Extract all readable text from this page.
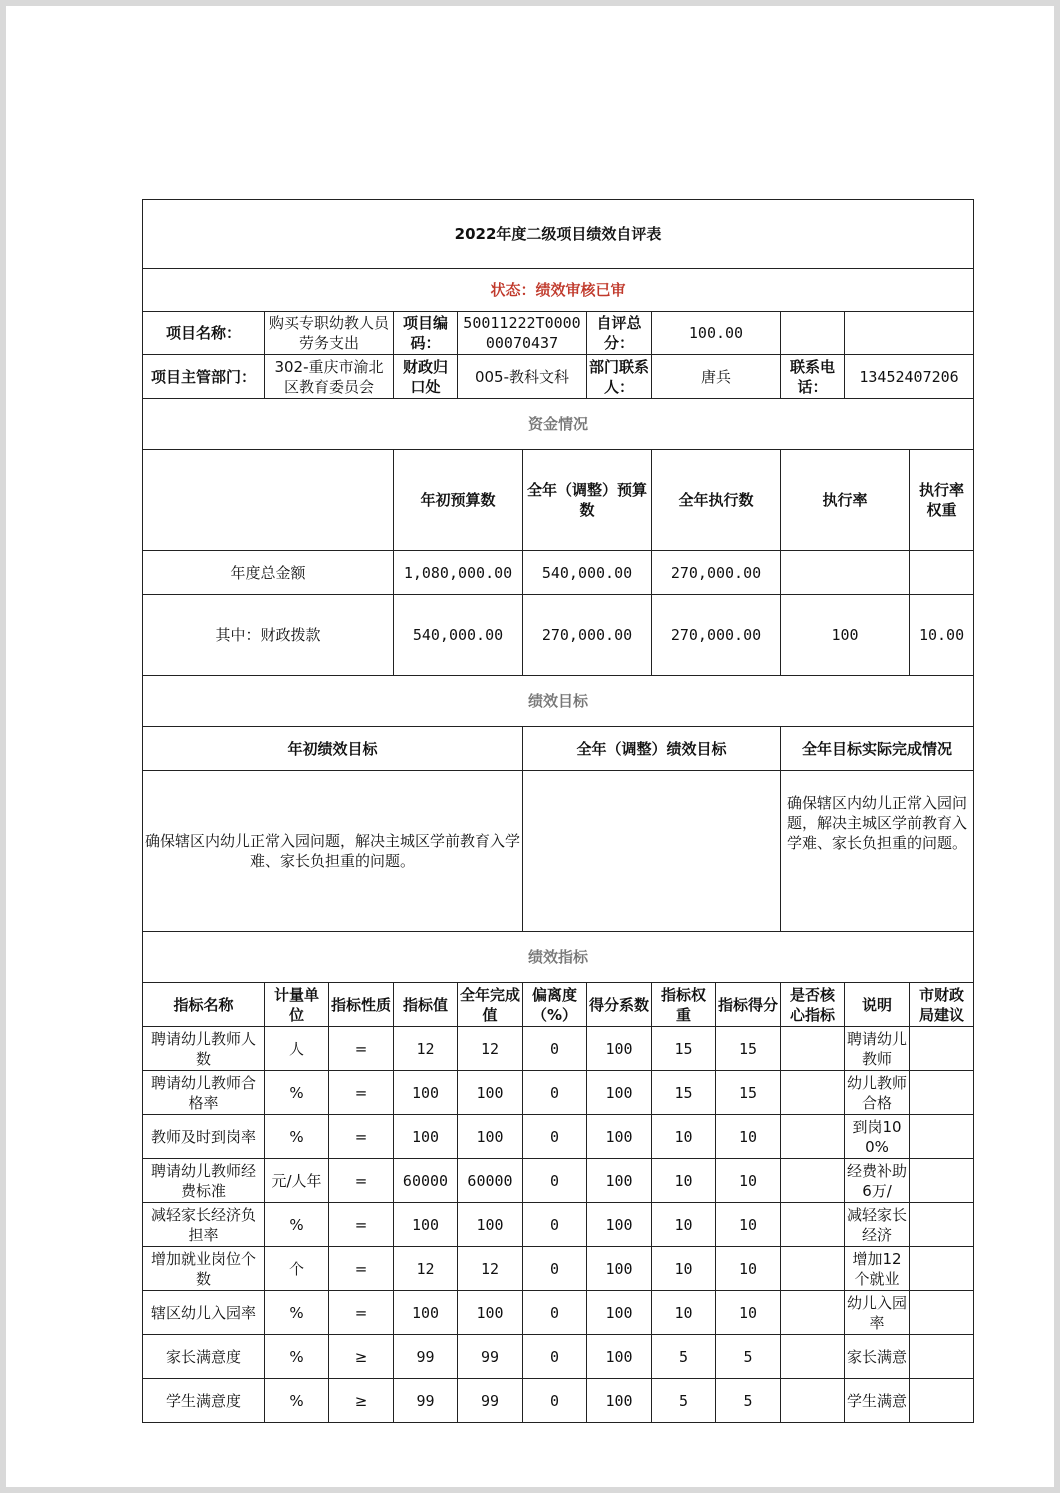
2022年度二级项目绩效自评表												
状态：绩效审核已审												
项目名称：	购买专职幼教人员劳务支出		项目编码：	50011222T000000070437		自评总分：	100.00					
项目主管部门：	302-重庆市渝北区教育委员会		财政归口处	005-教科文科		部门联系人：	唐兵		联系电话：	13452407206		
资金情况												
			年初预算数		全年（调整）预算数		全年执行数		执行率		执行率权重	
年度总金额			1,080,000.00		540,000.00		270,000.00					
其中：财政拨款			540,000.00		270,000.00		270,000.00		100		10.00	
绩效目标												
年初绩效目标					全年（调整）绩效目标				全年目标实际完成情况			
确保辖区内幼儿正常入园问题，解决主城区学前教育入学难、家长负担重的问题。									确保辖区内幼儿正常入园问题，解决主城区学前教育入学难、家长负担重的问题。			
绩效指标												
指标名称	计量单位	指标性质	指标值	全年完成值	偏离度（%）	得分系数	指标权重	指标得分	是否核心指标	说明	市财政局建议	
聘请幼儿教师人数	人	=	12	12	0	100	15	15		聘请幼儿教师		
聘请幼儿教师合格率	%	=	100	100	0	100	15	15		幼儿教师合格		
教师及时到岗率	%	=	100	100	0	100	10	10		到岗100%		
聘请幼儿教师经费标准	元/人年	=	60000	60000	0	100	10	10		经费补助6万/		
减轻家长经济负担率	%	=	100	100	0	100	10	10		减轻家长经济		
增加就业岗位个数	个	=	12	12	0	100	10	10		增加12个就业		
辖区幼儿入园率	%	=	100	100	0	100	10	10		幼儿入园率		
家长满意度	%	≥	99	99	0	100	5	5		家长满意		
学生满意度	%	≥	99	99	0	100	5	5		学生满意		
